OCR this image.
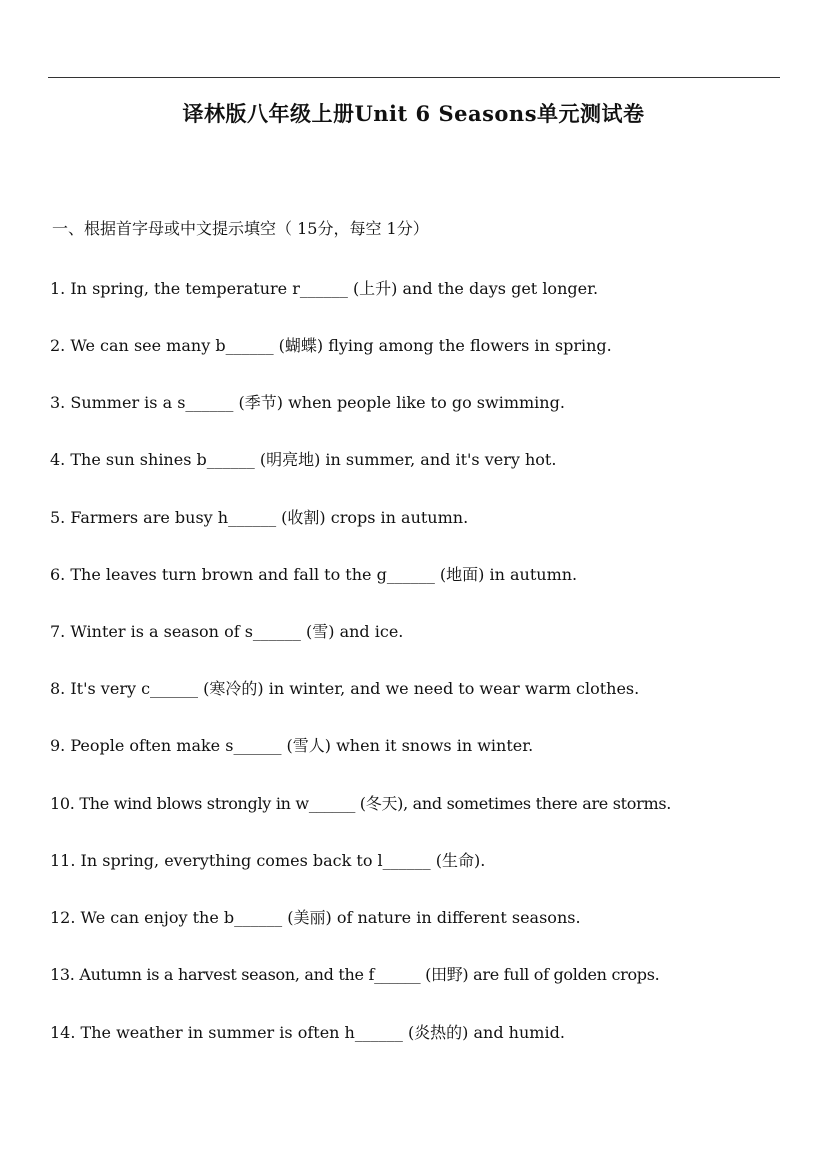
译林版八年级上册Unit 6 Seasons单元测试卷
一、根据首字母或中文提示填空（ 15分，每空 1分）
1. In spring, the temperature r______ (上升) and the days get longer.
2. We can see many b______ (蝴蝶) flying among the flowers in spring.
3. Summer is a s______ (季节) when people like to go swimming.
4. The sun shines b______ (明亮地) in summer, and it's very hot.
5. Farmers are busy h______ (收割) crops in autumn.
6. The leaves turn brown and fall to the g______ (地面) in autumn.
7. Winter is a season of s______ (雪) and ice.
8. It's very c______ (寒冷的) in winter, and we need to wear warm clothes.
9. People often make s______ (雪人) when it snows in winter.
10. The wind blows strongly in w______ (冬天), and sometimes there are storms.
11. In spring, everything comes back to l______ (生命).
12. We can enjoy the b______ (美丽) of nature in different seasons.
13. Autumn is a harvest season, and the f______ (田野) are full of golden crops.
14. The weather in summer is often h______ (炎热的) and humid.
